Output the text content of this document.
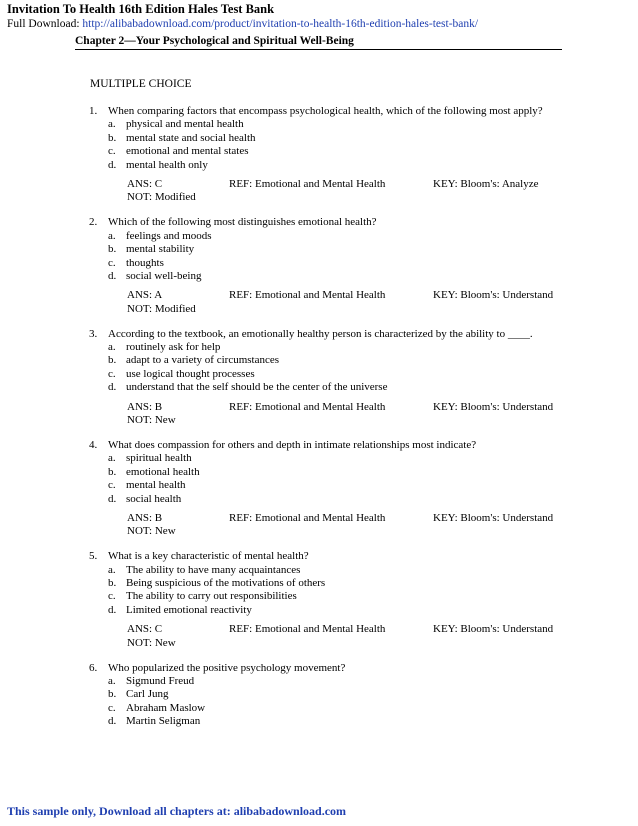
Invitation To Health 16th Edition Hales Test Bank
Full Download: http://alibabadownload.com/product/invitation-to-health-16th-edition-hales-test-bank/
Chapter 2—Your Psychological and Spiritual Well-Being
MULTIPLE CHOICE
1. When comparing factors that encompass psychological health, which of the following most apply?
a. physical and mental health
b. mental state and social health
c. emotional and mental states
d. mental health only
ANS: C	REF: Emotional and Mental Health	KEY: Bloom's: Analyze
NOT: Modified
2. Which of the following most distinguishes emotional health?
a. feelings and moods
b. mental stability
c. thoughts
d. social well-being
ANS: A	REF: Emotional and Mental Health	KEY: Bloom's: Understand
NOT: Modified
3. According to the textbook, an emotionally healthy person is characterized by the ability to ____.
a. routinely ask for help
b. adapt to a variety of circumstances
c. use logical thought processes
d. understand that the self should be the center of the universe
ANS: B	REF: Emotional and Mental Health	KEY: Bloom's: Understand
NOT: New
4. What does compassion for others and depth in intimate relationships most indicate?
a. spiritual health
b. emotional health
c. mental health
d. social health
ANS: B	REF: Emotional and Mental Health	KEY: Bloom's: Understand
NOT: New
5. What is a key characteristic of mental health?
a. The ability to have many acquaintances
b. Being suspicious of the motivations of others
c. The ability to carry out responsibilities
d. Limited emotional reactivity
ANS: C	REF: Emotional and Mental Health	KEY: Bloom's: Understand
NOT: New
6. Who popularized the positive psychology movement?
a. Sigmund Freud
b. Carl Jung
c. Abraham Maslow
d. Martin Seligman
This sample only, Download all chapters at: alibabadownload.com
